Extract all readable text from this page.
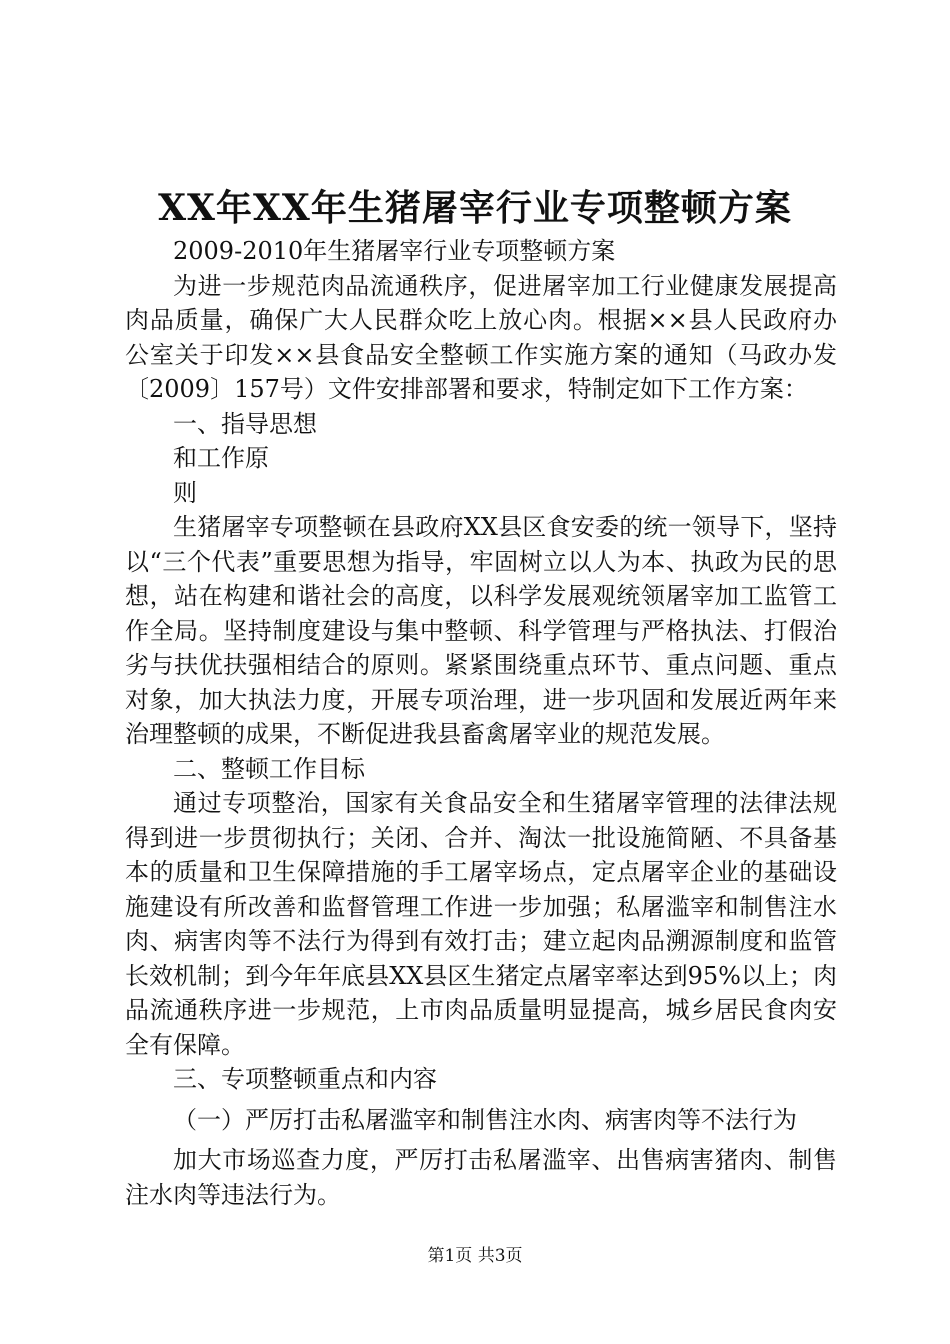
XX年XX年生猪屠宰行业专项整顿方案

2009-2010年生猪屠宰行业专项整顿方案

为进一步规范肉品流通秩序，促进屠宰加工行业健康发展提高肉品质量，确保广大人民群众吃上放心肉。根据××县人民政府办公室关于印发××县食品安全整顿工作实施方案的通知（马政办发〔2009〕157号）文件安排部署和要求，特制定如下工作方案：

一、指导思想

和工作原

则

生猪屠宰专项整顿在县政府XX县区食安委的统一领导下，坚持以“三个代表”重要思想为指导，牢固树立以人为本、执政为民的思想，站在构建和谐社会的高度，以科学发展观统领屠宰加工监管工作全局。坚持制度建设与集中整顿、科学管理与严格执法、打假治劣与扶优扶强相结合的原则。紧紧围绕重点环节、重点问题、重点对象，加大执法力度，开展专项治理，进一步巩固和发展近两年来治理整顿的成果，不断促进我县畜禽屠宰业的规范发展。

二、整顿工作目标

通过专项整治，国家有关食品安全和生猪屠宰管理的法律法规得到进一步贯彻执行；关闭、合并、淘汰一批设施简陋、不具备基本的质量和卫生保障措施的手工屠宰场点，定点屠宰企业的基础设施建设有所改善和监督管理工作进一步加强；私屠滥宰和制售注水肉、病害肉等不法行为得到有效打击；建立起肉品溯源制度和监管长效机制；到今年年底县XX县区生猪定点屠宰率达到95%以上；肉品流通秩序进一步规范，上市肉品质量明显提高，城乡居民食肉安全有保障。

三、专项整顿重点和内容

（一）严厉打击私屠滥宰和制售注水肉、病害肉等不法行为

加大市场巡查力度，严厉打击私屠滥宰、出售病害猪肉、制售注水肉等违法行为。

第1页 共3页
